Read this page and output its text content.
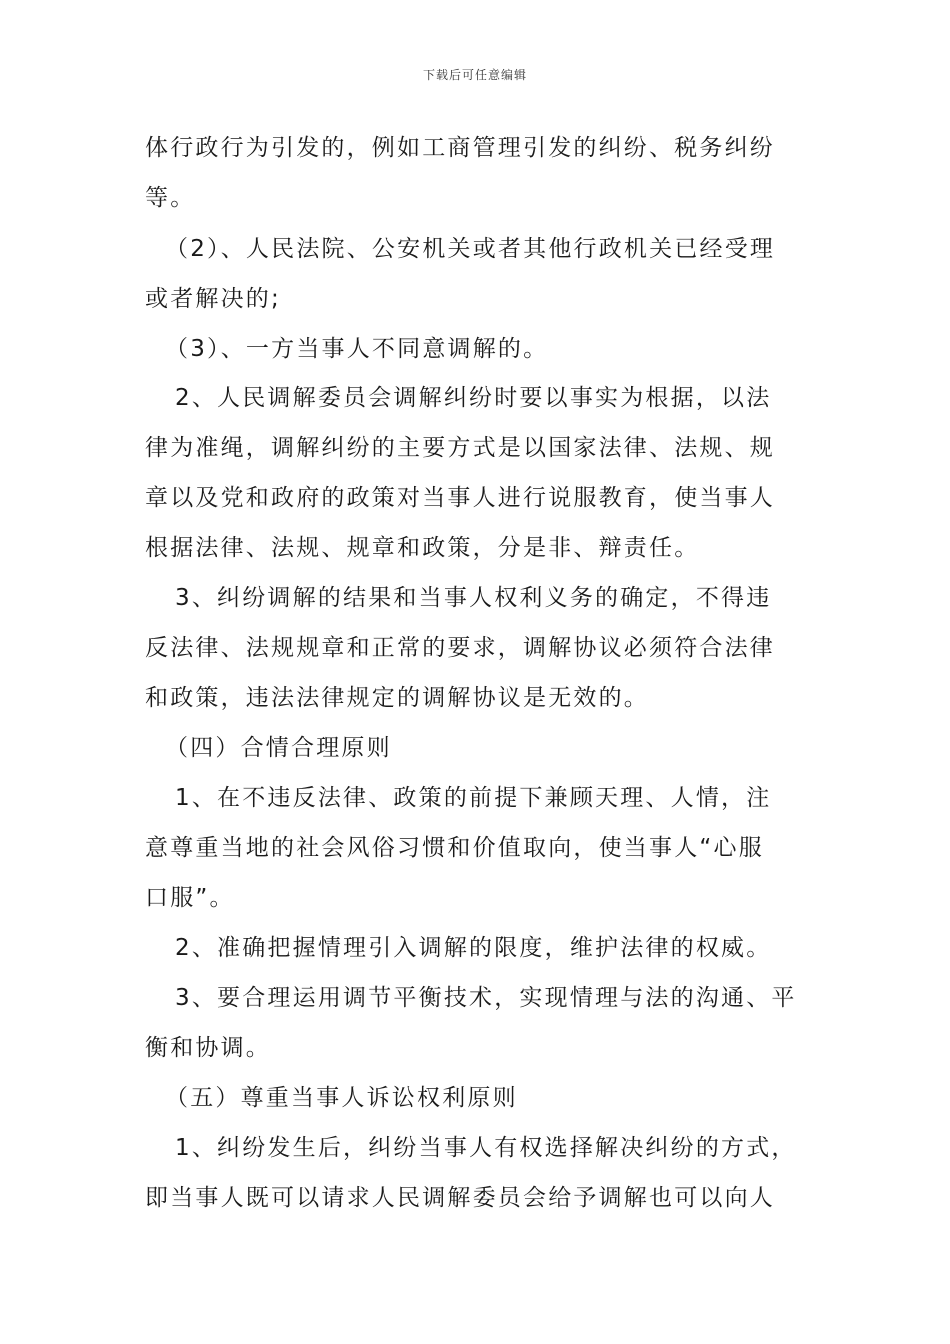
下载后可任意编辑
体行政行为引发的，例如工商管理引发的纠纷、税务纠纷
等。
（2）、人民法院、公安机关或者其他行政机关已经受理
或者解决的;
（3）、一方当事人不同意调解的。
2、人民调解委员会调解纠纷时要以事实为根据，以法
律为准绳，调解纠纷的主要方式是以国家法律、法规、规
章以及党和政府的政策对当事人进行说服教育，使当事人
根据法律、法规、规章和政策，分是非、辩责任。
3、纠纷调解的结果和当事人权利义务的确定，不得违
反法律、法规规章和正常的要求，调解协议必须符合法律
和政策，违法法律规定的调解协议是无效的。
（四）合情合理原则
1、在不违反法律、政策的前提下兼顾天理、人情，注
意尊重当地的社会风俗习惯和价值取向，使当事人“心服
口服”。
2、准确把握情理引入调解的限度，维护法律的权威。
3、要合理运用调节平衡技术，实现情理与法的沟通、平
衡和协调。
（五）尊重当事人诉讼权利原则
1、纠纷发生后，纠纷当事人有权选择解决纠纷的方式，
即当事人既可以请求人民调解委员会给予调解也可以向人
